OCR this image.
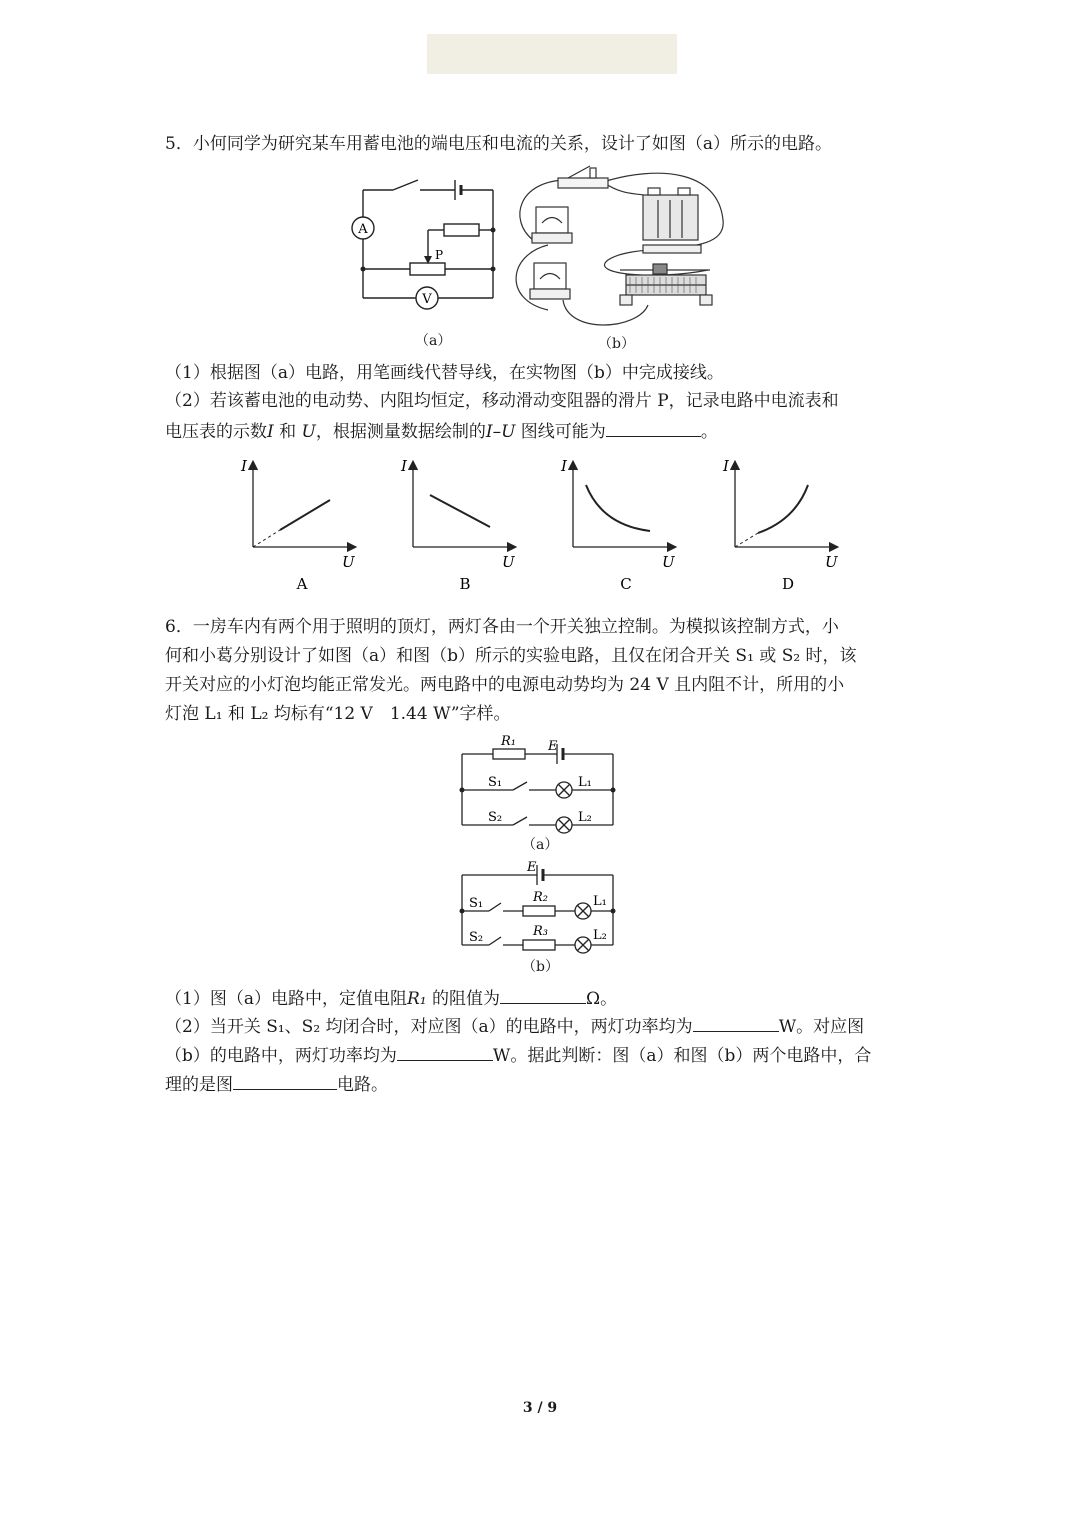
5．小何同学为研究某车用蓄电池的端电压和电流的关系，设计了如图（a）所示的电路。
A
V
P
（a）	（b）
（1）根据图（a）电路，用笔画线代替导线，在实物图（b）中完成接线。
（2）若该蓄电池的电动势、内阻均恒定，移动滑动变阻器的滑片 P，记录电路中电流表和
电压表的示数I 和 U，根据测量数据绘制的I–U 图线可能为	。
I
U
A
I
U
B
I
U
C
I
U
D
6．一房车内有两个用于照明的顶灯，两灯各由一个开关独立控制。为模拟该控制方式，小
何和小葛分别设计了如图（a）和图（b）所示的实验电路，且仅在闭合开关 S₁ 或 S₂ 时，该
开关对应的小灯泡均能正常发光。两电路中的电源电动势均为 24 V 且内阻不计，所用的小
灯泡 L₁ 和 L₂ 均标有“12 V　1.44 W”字样。
R₁ E
S₁	L₁
S₂	L₂
（a）
E
S₁	R₂	L₁
S₂	R₃	L₂
（b）
（1）图（a）电路中，定值电阻R₁ 的阻值为	Ω。
（2）当开关 S₁、S₂ 均闭合时，对应图（a）的电路中，两灯功率均为	W。对应图
（b）的电路中，两灯功率均为	W。据此判断：图（a）和图（b）两个电路中，合
理的是图	电路。
3 / 9
